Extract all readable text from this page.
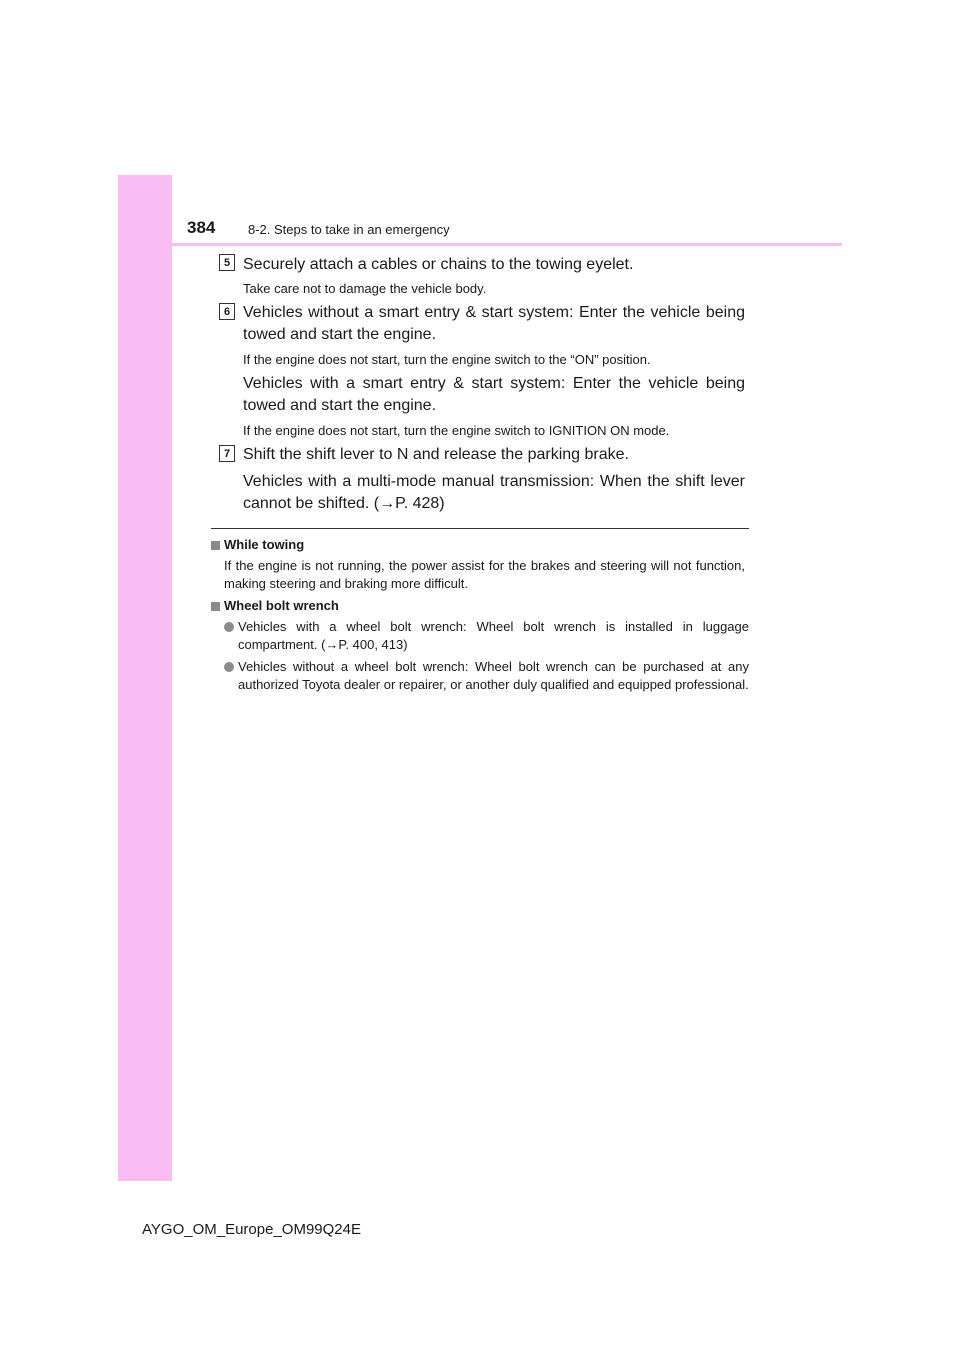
384	8-2. Steps to take in an emergency
5 Securely attach a cables or chains to the towing eyelet.
Take care not to damage the vehicle body.
6 Vehicles without a smart entry & start system: Enter the vehicle being towed and start the engine.
If the engine does not start, turn the engine switch to the “ON” position.
Vehicles with a smart entry & start system: Enter the vehicle being towed and start the engine.
If the engine does not start, turn the engine switch to IGNITION ON mode.
7 Shift the shift lever to N and release the parking brake.
Vehicles with a multi-mode manual transmission: When the shift lever cannot be shifted. (→P. 428)
While towing
If the engine is not running, the power assist for the brakes and steering will not function, making steering and braking more difficult.
Wheel bolt wrench
Vehicles with a wheel bolt wrench: Wheel bolt wrench is installed in luggage compartment. (→P. 400, 413)
Vehicles without a wheel bolt wrench: Wheel bolt wrench can be purchased at any authorized Toyota dealer or repairer, or another duly qualified and equipped professional.
AYGO_OM_Europe_OM99Q24E
